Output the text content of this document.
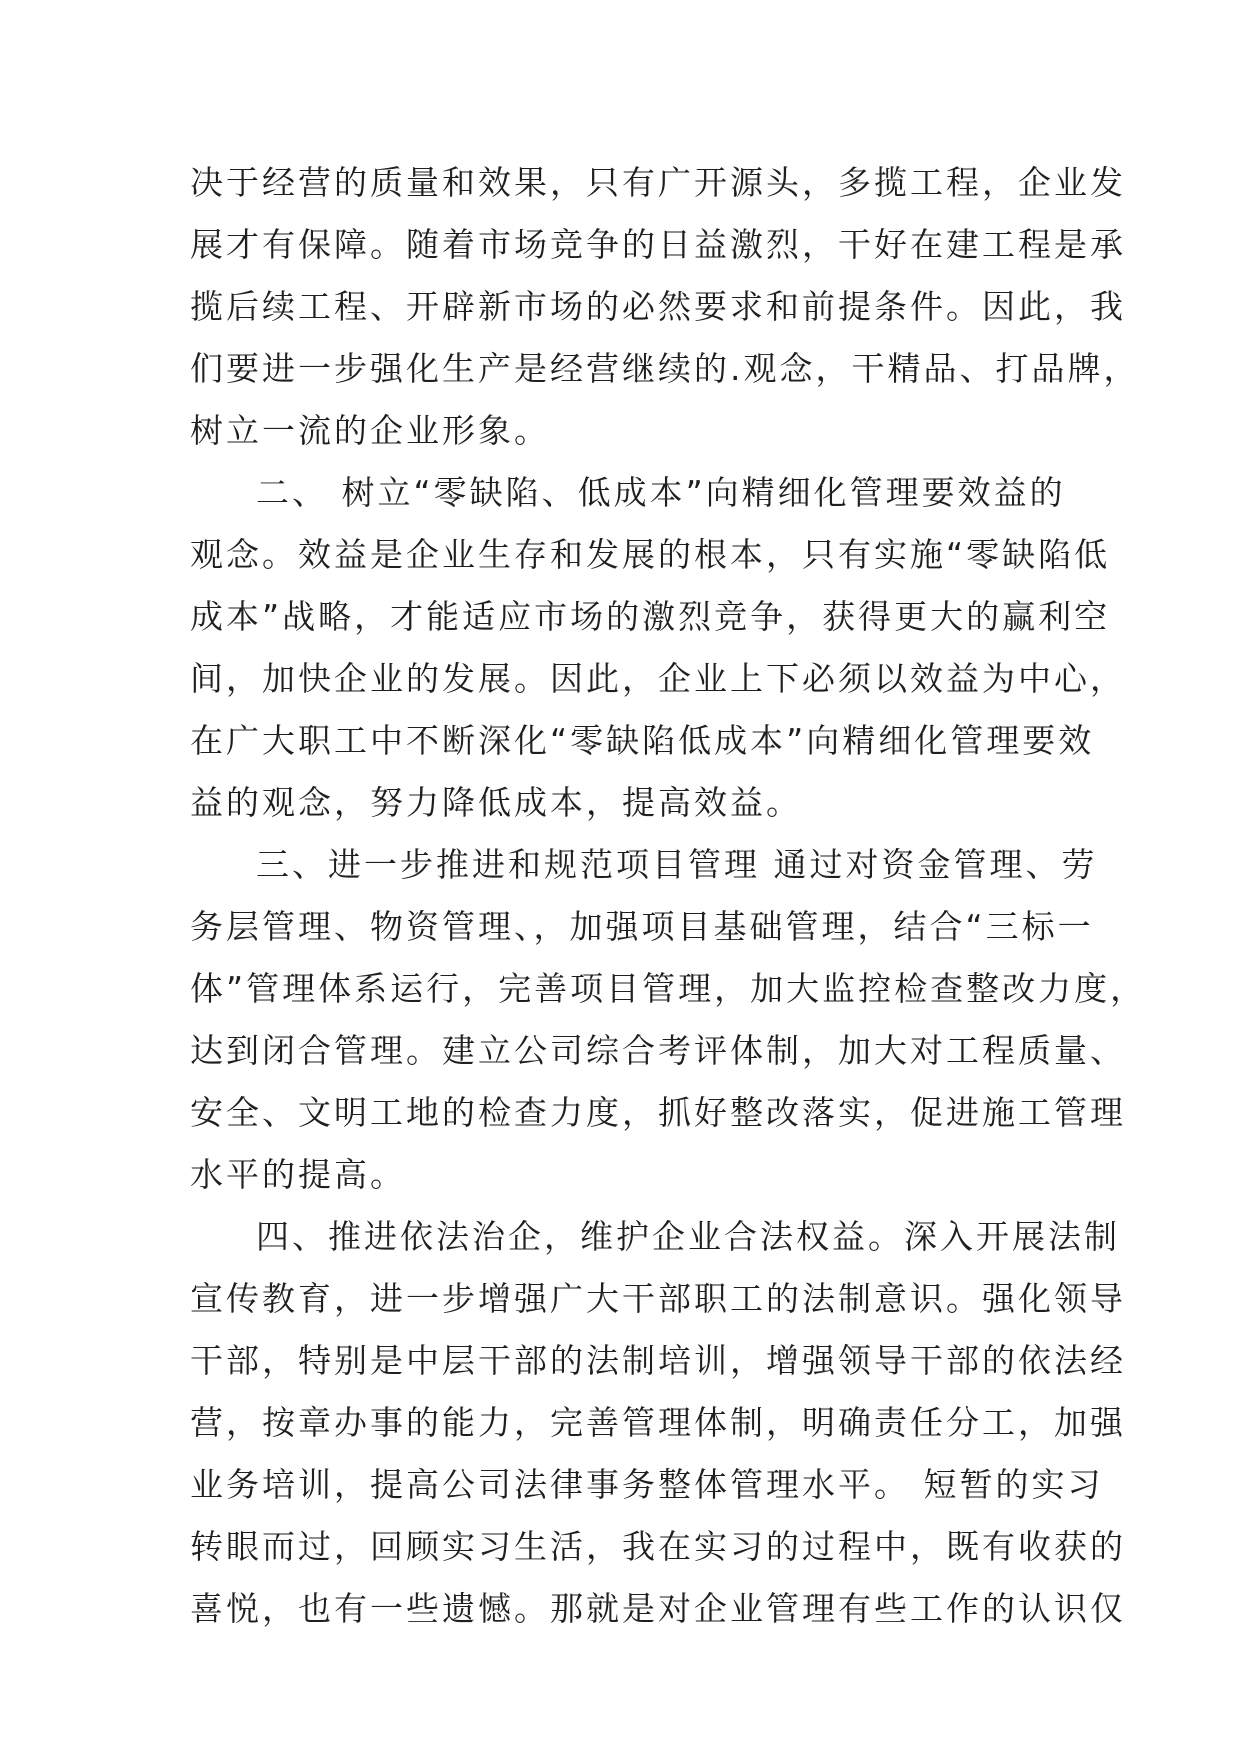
决于经营的质量和效果，只有广开源头，多揽工程，企业发
展才有保障。随着市场竞争的日益激烈，干好在建工程是承
揽后续工程、开辟新市场的必然要求和前提条件。因此，我
们要进一步强化生产是经营继续的.观念，干精品、打品牌，
树立一流的企业形象。
二、 树立“零缺陷、低成本”向精细化管理要效益的
观念。效益是企业生存和发展的根本，只有实施“零缺陷低
成本”战略，才能适应市场的激烈竞争，获得更大的赢利空
间，加快企业的发展。因此，企业上下必须以效益为中心，
在广大职工中不断深化“零缺陷低成本”向精细化管理要效
益的观念，努力降低成本，提高效益。
三、进一步推进和规范项目管理 通过对资金管理、劳
务层管理、物资管理、，加强项目基础管理，结合“三标一
体”管理体系运行，完善项目管理，加大监控检查整改力度，
达到闭合管理。建立公司综合考评体制，加大对工程质量、
安全、文明工地的检查力度，抓好整改落实，促进施工管理
水平的提高。
四、推进依法治企，维护企业合法权益。深入开展法制
宣传教育，进一步增强广大干部职工的法制意识。强化领导
干部，特别是中层干部的法制培训，增强领导干部的依法经
营，按章办事的能力，完善管理体制，明确责任分工，加强
业务培训，提高公司法律事务整体管理水平。 短暂的实习
转眼而过，回顾实习生活，我在实习的过程中，既有收获的
喜悦，也有一些遗憾。那就是对企业管理有些工作的认识仅
